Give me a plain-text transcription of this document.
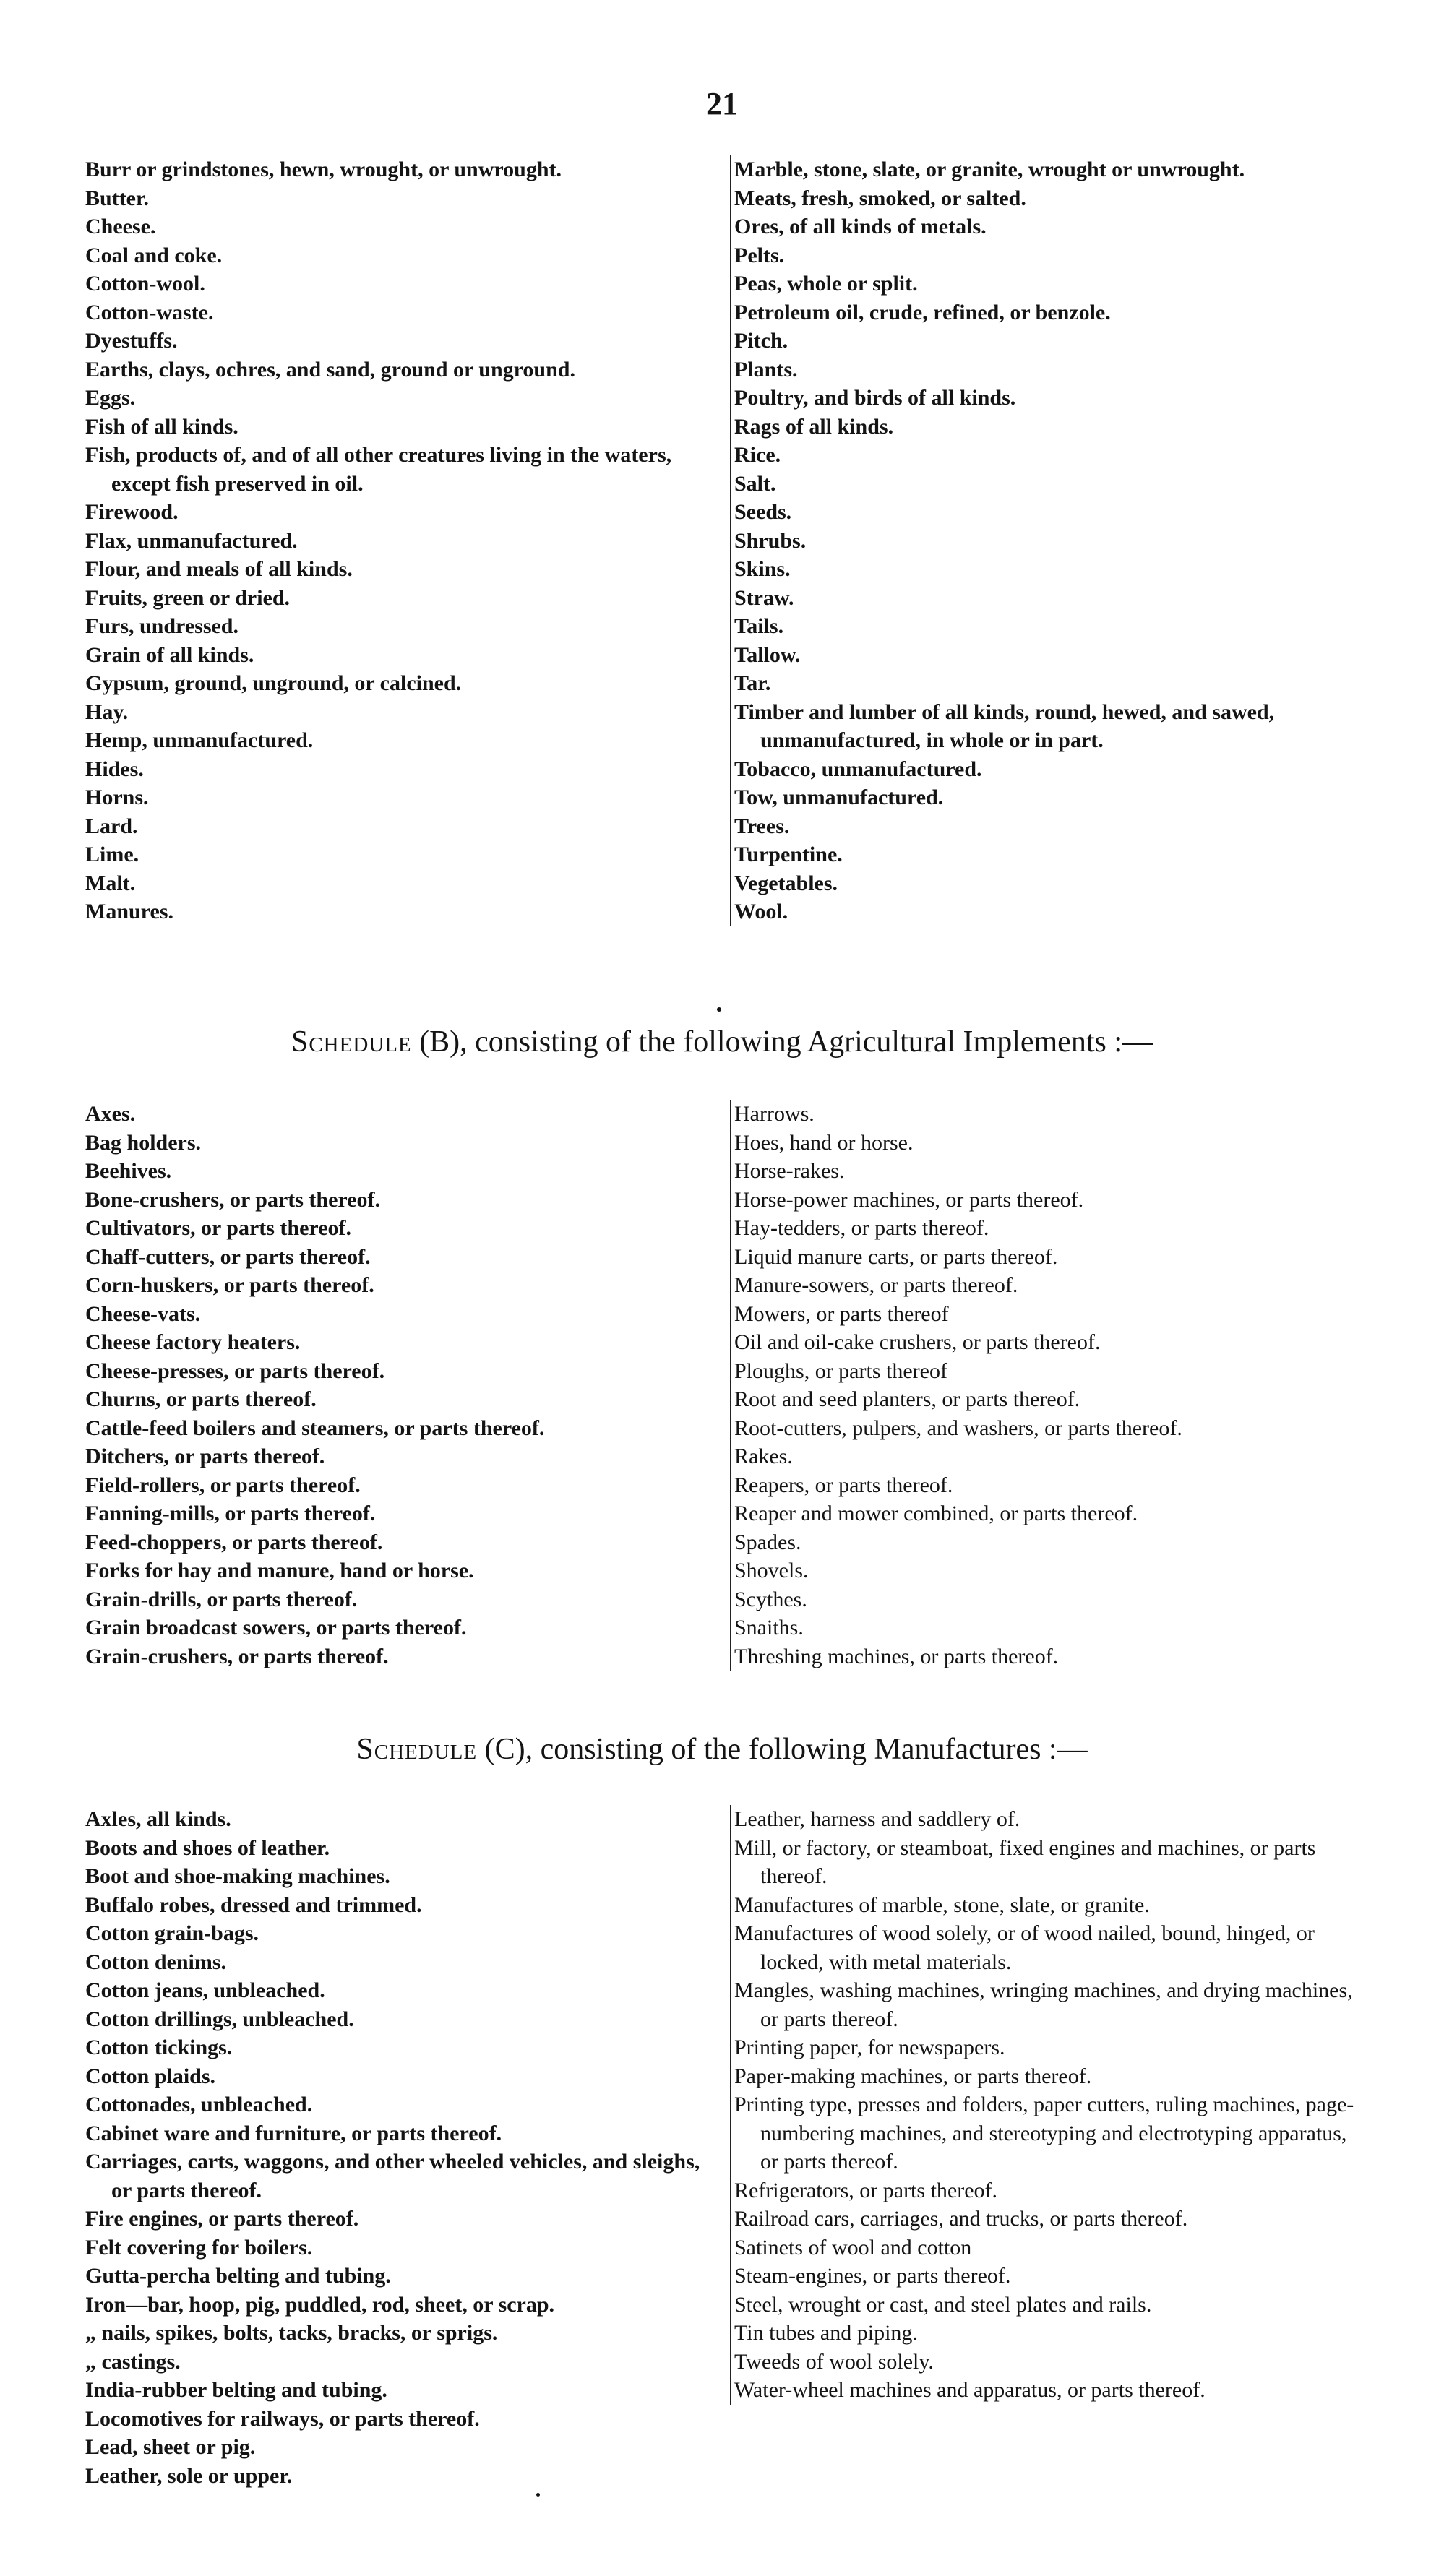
21
Burr or grindstones, hewn, wrought, or unwrought.
Butter.
Cheese.
Coal and coke.
Cotton-wool.
Cotton-waste.
Dyestuffs.
Earths, clays, ochres, and sand, ground or unground.
Eggs.
Fish of all kinds.
Fish, products of, and of all other creatures living in the waters, except fish preserved in oil.
Firewood.
Flax, unmanufactured.
Flour, and meals of all kinds.
Fruits, green or dried.
Furs, undressed.
Grain of all kinds.
Gypsum, ground, unground, or calcined.
Hay.
Hemp, unmanufactured.
Hides.
Horns.
Lard.
Lime.
Malt.
Manures.
Marble, stone, slate, or granite, wrought or unwrought.
Meats, fresh, smoked, or salted.
Ores, of all kinds of metals.
Pelts.
Peas, whole or split.
Petroleum oil, crude, refined, or benzole.
Pitch.
Plants.
Poultry, and birds of all kinds.
Rags of all kinds.
Rice.
Salt.
Seeds.
Shrubs.
Skins.
Straw.
Tails.
Tallow.
Tar.
Timber and lumber of all kinds, round, hewed, and sawed, unmanufactured, in whole or in part.
Tobacco, unmanufactured.
Tow, unmanufactured.
Trees.
Turpentine.
Vegetables.
Wool.
Schedule (B), consisting of the following Agricultural Implements :—
Axes.
Bag holders.
Beehives.
Bone-crushers, or parts thereof.
Cultivators, or parts thereof.
Chaff-cutters, or parts thereof.
Corn-huskers, or parts thereof.
Cheese-vats.
Cheese factory heaters.
Cheese-presses, or parts thereof.
Churns, or parts thereof.
Cattle-feed boilers and steamers, or parts thereof.
Ditchers, or parts thereof.
Field-rollers, or parts thereof.
Fanning-mills, or parts thereof.
Feed-choppers, or parts thereof.
Forks for hay and manure, hand or horse.
Grain-drills, or parts thereof.
Grain broadcast sowers, or parts thereof.
Grain-crushers, or parts thereof.
Harrows.
Hoes, hand or horse.
Horse-rakes.
Horse-power machines, or parts thereof.
Hay-tedders, or parts thereof.
Liquid manure carts, or parts thereof.
Manure-sowers, or parts thereof.
Mowers, or parts thereof
Oil and oil-cake crushers, or parts thereof.
Ploughs, or parts thereof
Root and seed planters, or parts thereof.
Root-cutters, pulpers, and washers, or parts thereof.
Rakes.
Reapers, or parts thereof.
Reaper and mower combined, or parts thereof.
Spades.
Shovels.
Scythes.
Snaiths.
Threshing machines, or parts thereof.
Schedule (C), consisting of the following Manufactures :—
Axles, all kinds.
Boots and shoes of leather.
Boot and shoe-making machines.
Buffalo robes, dressed and trimmed.
Cotton grain-bags.
Cotton denims.
Cotton jeans, unbleached.
Cotton drillings, unbleached.
Cotton tickings.
Cotton plaids.
Cottonades, unbleached.
Cabinet ware and furniture, or parts thereof.
Carriages, carts, waggons, and other wheeled vehicles, and sleighs, or parts thereof.
Fire engines, or parts thereof.
Felt covering for boilers.
Gutta-percha belting and tubing.
Iron—bar, hoop, pig, puddled, rod, sheet, or scrap.
„ nails, spikes, bolts, tacks, bracks, or sprigs.
„ castings.
India-rubber belting and tubing.
Locomotives for railways, or parts thereof.
Lead, sheet or pig.
Leather, sole or upper.
Leather, harness and saddlery of.
Mill, or factory, or steamboat, fixed engines and machines, or parts thereof.
Manufactures of marble, stone, slate, or granite.
Manufactures of wood solely, or of wood nailed, bound, hinged, or locked, with metal materials.
Mangles, washing machines, wringing machines, and drying machines, or parts thereof.
Printing paper, for newspapers.
Paper-making machines, or parts thereof.
Printing type, presses and folders, paper cutters, ruling machines, page-numbering machines, and stereotyping and electrotyping apparatus, or parts thereof.
Refrigerators, or parts thereof.
Railroad cars, carriages, and trucks, or parts thereof.
Satinets of wool and cotton
Steam-engines, or parts thereof.
Steel, wrought or cast, and steel plates and rails.
Tin tubes and piping.
Tweeds of wool solely.
Water-wheel machines and apparatus, or parts thereof.
